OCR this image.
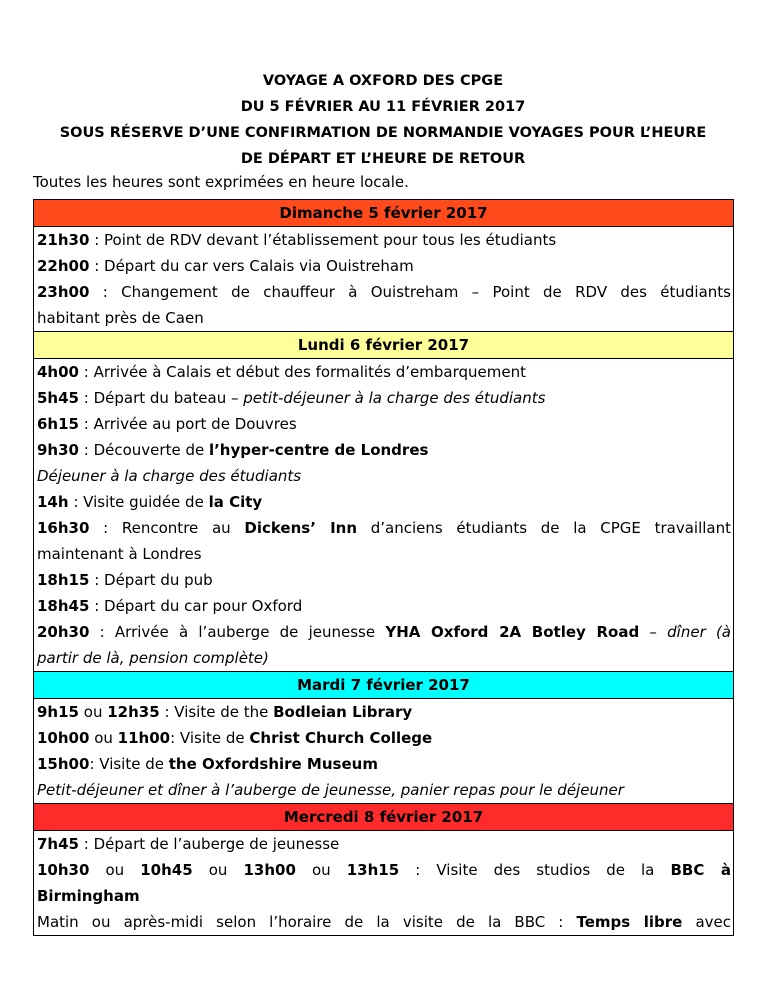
VOYAGE A OXFORD DES CPGE
DU 5 FÉVRIER AU 11 FÉVRIER 2017
SOUS RÉSERVE D’UNE CONFIRMATION DE NORMANDIE VOYAGES POUR L’HEURE
DE DÉPART ET L’HEURE DE RETOUR
Toutes les heures sont exprimées en heure locale.
Dimanche 5 février 2017
21h30 : Point de RDV devant l’établissement pour tous les étudiants
22h00 : Départ du car vers Calais via Ouistreham
23h00 : Changement de chauffeur à Ouistreham – Point de RDV des étudiants
habitant près de Caen
Lundi 6 février 2017
4h00 : Arrivée à Calais et début des formalités d’embarquement
5h45 : Départ du bateau – petit-déjeuner à la charge des étudiants
6h15 : Arrivée au port de Douvres
9h30 : Découverte de l’hyper-centre de Londres
Déjeuner à la charge des étudiants
14h : Visite guidée de la City
16h30 : Rencontre au Dickens’ Inn d’anciens étudiants de la CPGE travaillant
maintenant à Londres
18h15 : Départ du pub
18h45 : Départ du car pour Oxford
20h30 : Arrivée à l’auberge de jeunesse YHA Oxford 2A Botley Road – dîner (à
partir de là, pension complète)
Mardi 7 février 2017
9h15 ou 12h35 : Visite de the Bodleian Library
10h00 ou 11h00: Visite de Christ Church College
15h00: Visite de the Oxfordshire Museum
Petit-déjeuner et dîner à l’auberge de jeunesse, panier repas pour le déjeuner
Mercredi 8 février 2017
7h45 : Départ de l’auberge de jeunesse
10h30 ou 10h45 ou 13h00 ou 13h15 : Visite des studios de la BBC à
Birmingham
Matin ou après-midi selon l’horaire de la visite de la BBC : Temps libre avec
